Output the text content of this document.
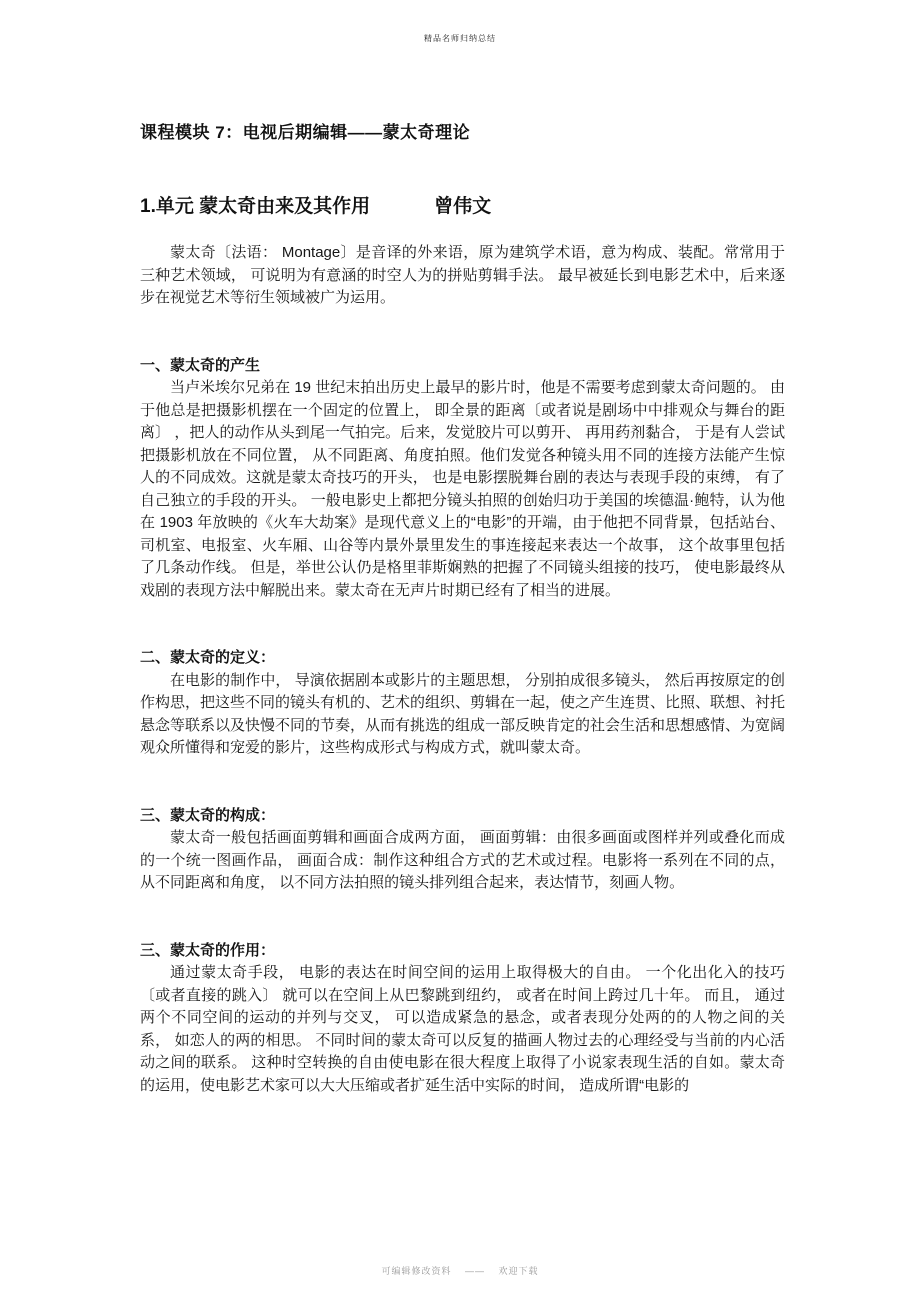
精品名师归纳总结
课程模块 7：电视后期编辑——蒙太奇理论
1.单元 蒙太奇由来及其作用	曾伟文

蒙太奇〔法语： Montage〕是音译的外来语，原为建筑学术语，意为构成、装配。常常用于三种艺术领域， 可说明为有意涵的时空人为的拼贴剪辑手法。 最早被延长到电影艺术中，后来逐步在视觉艺术等衍生领域被广为运用。

一、蒙太奇的产生

当卢米埃尔兄弟在 19 世纪末拍出历史上最早的影片时，他是不需要考虑到蒙太奇问题的。 由于他总是把摄影机摆在一个固定的位置上， 即全景的距离〔或者说是剧场中中排观众与舞台的距离〕 ，把人的动作从头到尾一气拍完。后来，发觉胶片可以剪开、 再用药剂黏合， 于是有人尝试把摄影机放在不同位置， 从不同距离、角度拍照。他们发觉各种镜头用不同的连接方法能产生惊人的不同成效。这就是蒙太奇技巧的开头， 也是电影摆脱舞台剧的表达与表现手段的束缚， 有了自己独立的手段的开头。 一般电影史上都把分镜头拍照的创始归功于美国的埃德温·鲍特，认为他在 1903 年放映的《火车大劫案》是现代意义上的“电影”的开端，由于他把不同背景，包括站台、司机室、电报室、火车厢、山谷等内景外景里发生的事连接起来表达一个故事， 这个故事里包括了几条动作线。 但是，举世公认仍是格里菲斯娴熟的把握了不同镜头组接的技巧， 使电影最终从戏剧的表现方法中解脱出来。蒙太奇在无声片时期已经有了相当的进展。

二、蒙太奇的定义：

在电影的制作中， 导演依据剧本或影片的主题思想， 分别拍成很多镜头， 然后再按原定的创作构思，把这些不同的镜头有机的、艺术的组织、剪辑在一起，使之产生连贯、比照、联想、衬托悬念等联系以及快慢不同的节奏，从而有挑选的组成一部反映肯定的社会生活和思想感情、为宽阔观众所懂得和宠爱的影片，这些构成形式与构成方式，就叫蒙太奇。

三、蒙太奇的构成：

蒙太奇一般包括画面剪辑和画面合成两方面， 画面剪辑：由很多画面或图样并列或叠化而成的一个统一图画作品， 画面合成：制作这种组合方式的艺术或过程。电影将一系列在不同的点， 从不同距离和角度， 以不同方法拍照的镜头排列组合起来，表达情节，刻画人物。

三、蒙太奇的作用：

通过蒙太奇手段， 电影的表达在时间空间的运用上取得极大的自由。 一个化出化入的技巧 〔或者直接的跳入〕 就可以在空间上从巴黎跳到纽约， 或者在时间上跨过几十年。 而且， 通过两个不同空间的运动的并列与交叉， 可以造成紧急的悬念，或者表现分处两的的人物之间的关系， 如恋人的两的相思。 不同时间的蒙太奇可以反复的描画人物过去的心理经受与当前的内心活动之间的联系。 这种时空转换的自由使电影在很大程度上取得了小说家表现生活的自如。蒙太奇的运用，使电影艺术家可以大大压缩或者扩延生活中实际的时间， 造成所谓“电影的

可编辑修改资料 　——　 欢迎下载
